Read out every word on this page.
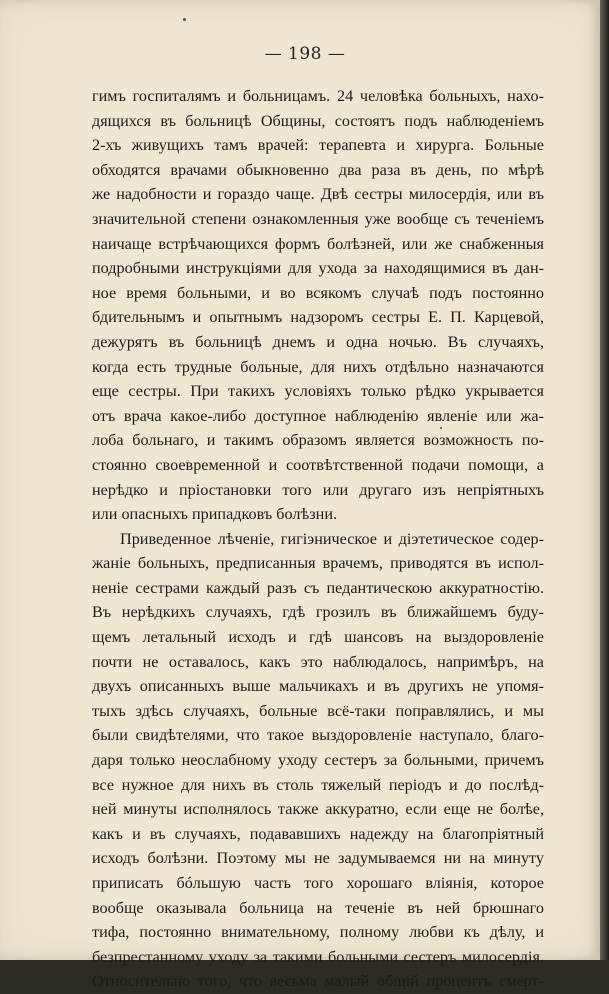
— 198 —
гимъ госпиталямъ и больницамъ. 24 человѣка больныхъ, нахо-
дящихся въ больницѣ Общины, состоятъ подъ наблюденіемъ
2-хъ живущихъ тамъ врачей: терапевта и хирурга. Больные
обходятся врачами обыкновенно два раза въ день, по мѣрѣ
же надобности и гораздо чаще. Двѣ сестры милосердія, или въ
значительной степени ознакомленныя уже вообще съ теченіемъ
наичаще встрѣчающихся формъ болѣзней, или же снабженныя
подробными инструкціями для ухода за находящимися въ дан-
ное время больными, и во всякомъ случаѣ подъ постоянно
бдительнымъ и опытнымъ надзоромъ сестры Е. П. Карцевой,
дежурятъ въ больницѣ днемъ и одна ночью. Въ случаяхъ,
когда есть трудные больные, для нихъ отдѣльно назначаются
еще сестры. При такихъ условіяхъ только рѣдко укрывается
отъ врача какое-либо доступное наблюденію явленіе или жа-
лоба больнаго, и такимъ образомъ является возможность по-
стоянно своевременной и соотвѣтственной подачи помощи, а
нерѣдко и пріостановки того или другаго изъ непріятныхъ
или опасныхъ припадковъ болѣзни.
Приведенное лѣченіе, гигіэническое и діэтетическое содер-
жаніе больныхъ, предписанныя врачемъ, приводятся въ испол-
неніе сестрами каждый разъ съ педантическою аккуратностію.
Въ нерѣдкихъ случаяхъ, гдѣ грозилъ въ ближайшемъ буду-
щемъ летальный исходъ и гдѣ шансовъ на выздоровленіе
почти не оставалось, какъ это наблюдалось, напримѣръ, на
двухъ описанныхъ выше мальчикахъ и въ другихъ не упомя-
тыхъ здѣсь случаяхъ, больные всё-таки поправлялись, и мы
были свидѣтелями, что такое выздоровленіе наступало, благо-
даря только неослабному уходу сестеръ за больными, причемъ
все нужное для нихъ въ столь тяжелый періодъ и до послѣд-
ней минуты исполнялось также аккуратно, если еще не болѣе,
какъ и въ случаяхъ, подававшихъ надежду на благопріятный
исходъ болѣзни. Поэтому мы не задумываемся ни на минуту
приписать бóльшую часть того хорошаго вліянія, которое
вообще оказывала больница на теченіе въ ней брюшнаго
тифа, постоянно внимательному, полному любви къ дѣлу, и
безпрестанному уходу за такими больными сестеръ милосердія.
Относительно того, что весьма малый общій процентъ смерт-
